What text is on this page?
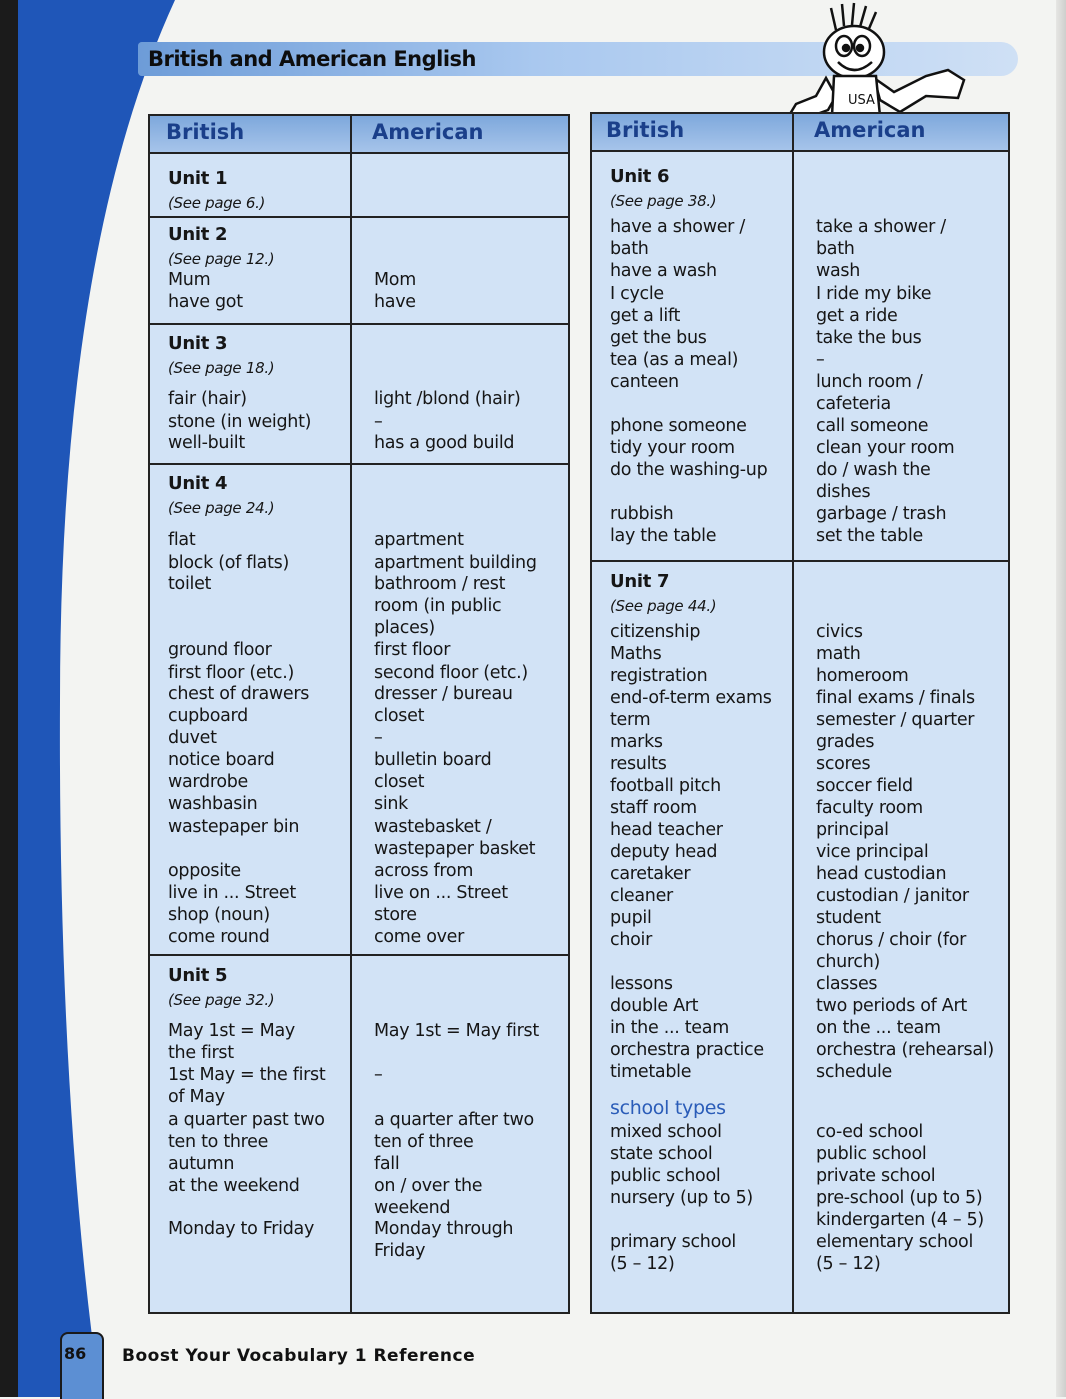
British and American English
USA
British	American
Unit 1
(See page 6.)
Unit 2
(See page 12.)
Mum
have got
Unit 3
(See page 18.)
fair (hair)
stone (in weight)
well-built
Unit 4
(See page 24.)
flat
block (of flats)
toilet
ground floor
first floor (etc.)
chest of drawers
cupboard
duvet
notice board
wardrobe
washbasin
wastepaper bin
opposite
live in ... Street
shop (noun)
come round
Unit 5
(See page 32.)
May 1st = May
the first
1st May = the first
of May
a quarter past two
ten to three
autumn
at the weekend
Monday to Friday
Mom
have
light /blond (hair)
–
has a good build
apartment
apartment building
bathroom / rest
room (in public
places)
first floor
second floor (etc.)
dresser / bureau
closet
–
bulletin board
closet
sink
wastebasket /
wastepaper basket
across from
live on ... Street
store
come over
May 1st = May first
–
a quarter after two
ten of three
fall
on / over the
weekend
Monday through
Friday
British	American
Unit 6
(See page 38.)
have a shower /
bath
have a wash
I cycle
get a lift
get the bus
tea (as a meal)
canteen
phone someone
tidy your room
do the washing-up
rubbish
lay the table
Unit 7
(See page 44.)
citizenship
Maths
registration
end-of-term exams
term
marks
results
football pitch
staff room
head teacher
deputy head
caretaker
cleaner
pupil
choir
lessons
double Art
in the ... team
orchestra practice
timetable
school types
mixed school
state school
public school
nursery (up to 5)
primary school
(5 – 12)
take a shower /
bath
wash
I ride my bike
get a ride
take the bus
–
lunch room /
cafeteria
call someone
clean your room
do / wash the
dishes
garbage / trash
set the table
civics
math
homeroom
final exams / finals
semester / quarter
grades
scores
soccer field
faculty room
principal
vice principal
head custodian
custodian / janitor
student
chorus / choir (for
church)
classes
two periods of Art
on the ... team
orchestra (rehearsal)
schedule
co-ed school
public school
private school
pre-school (up to 5)
kindergarten (4 – 5)
elementary school
(5 – 12)
86 Boost Your Vocabulary 1 Reference
